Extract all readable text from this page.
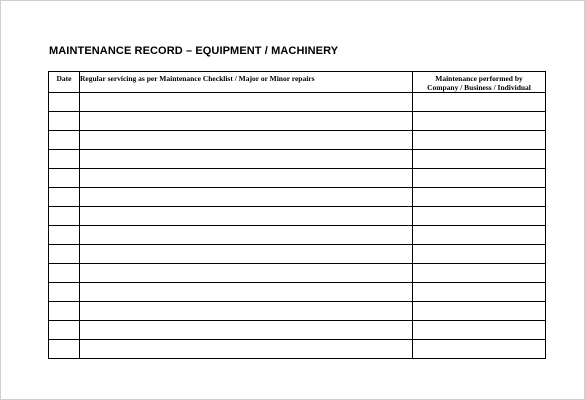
MAINTENANCE RECORD – EQUIPMENT / MACHINERY
Date	Regular servicing as per Maintenance Checklist / Major or Minor repairs	Maintenance performed by
Company / Business / Individual
